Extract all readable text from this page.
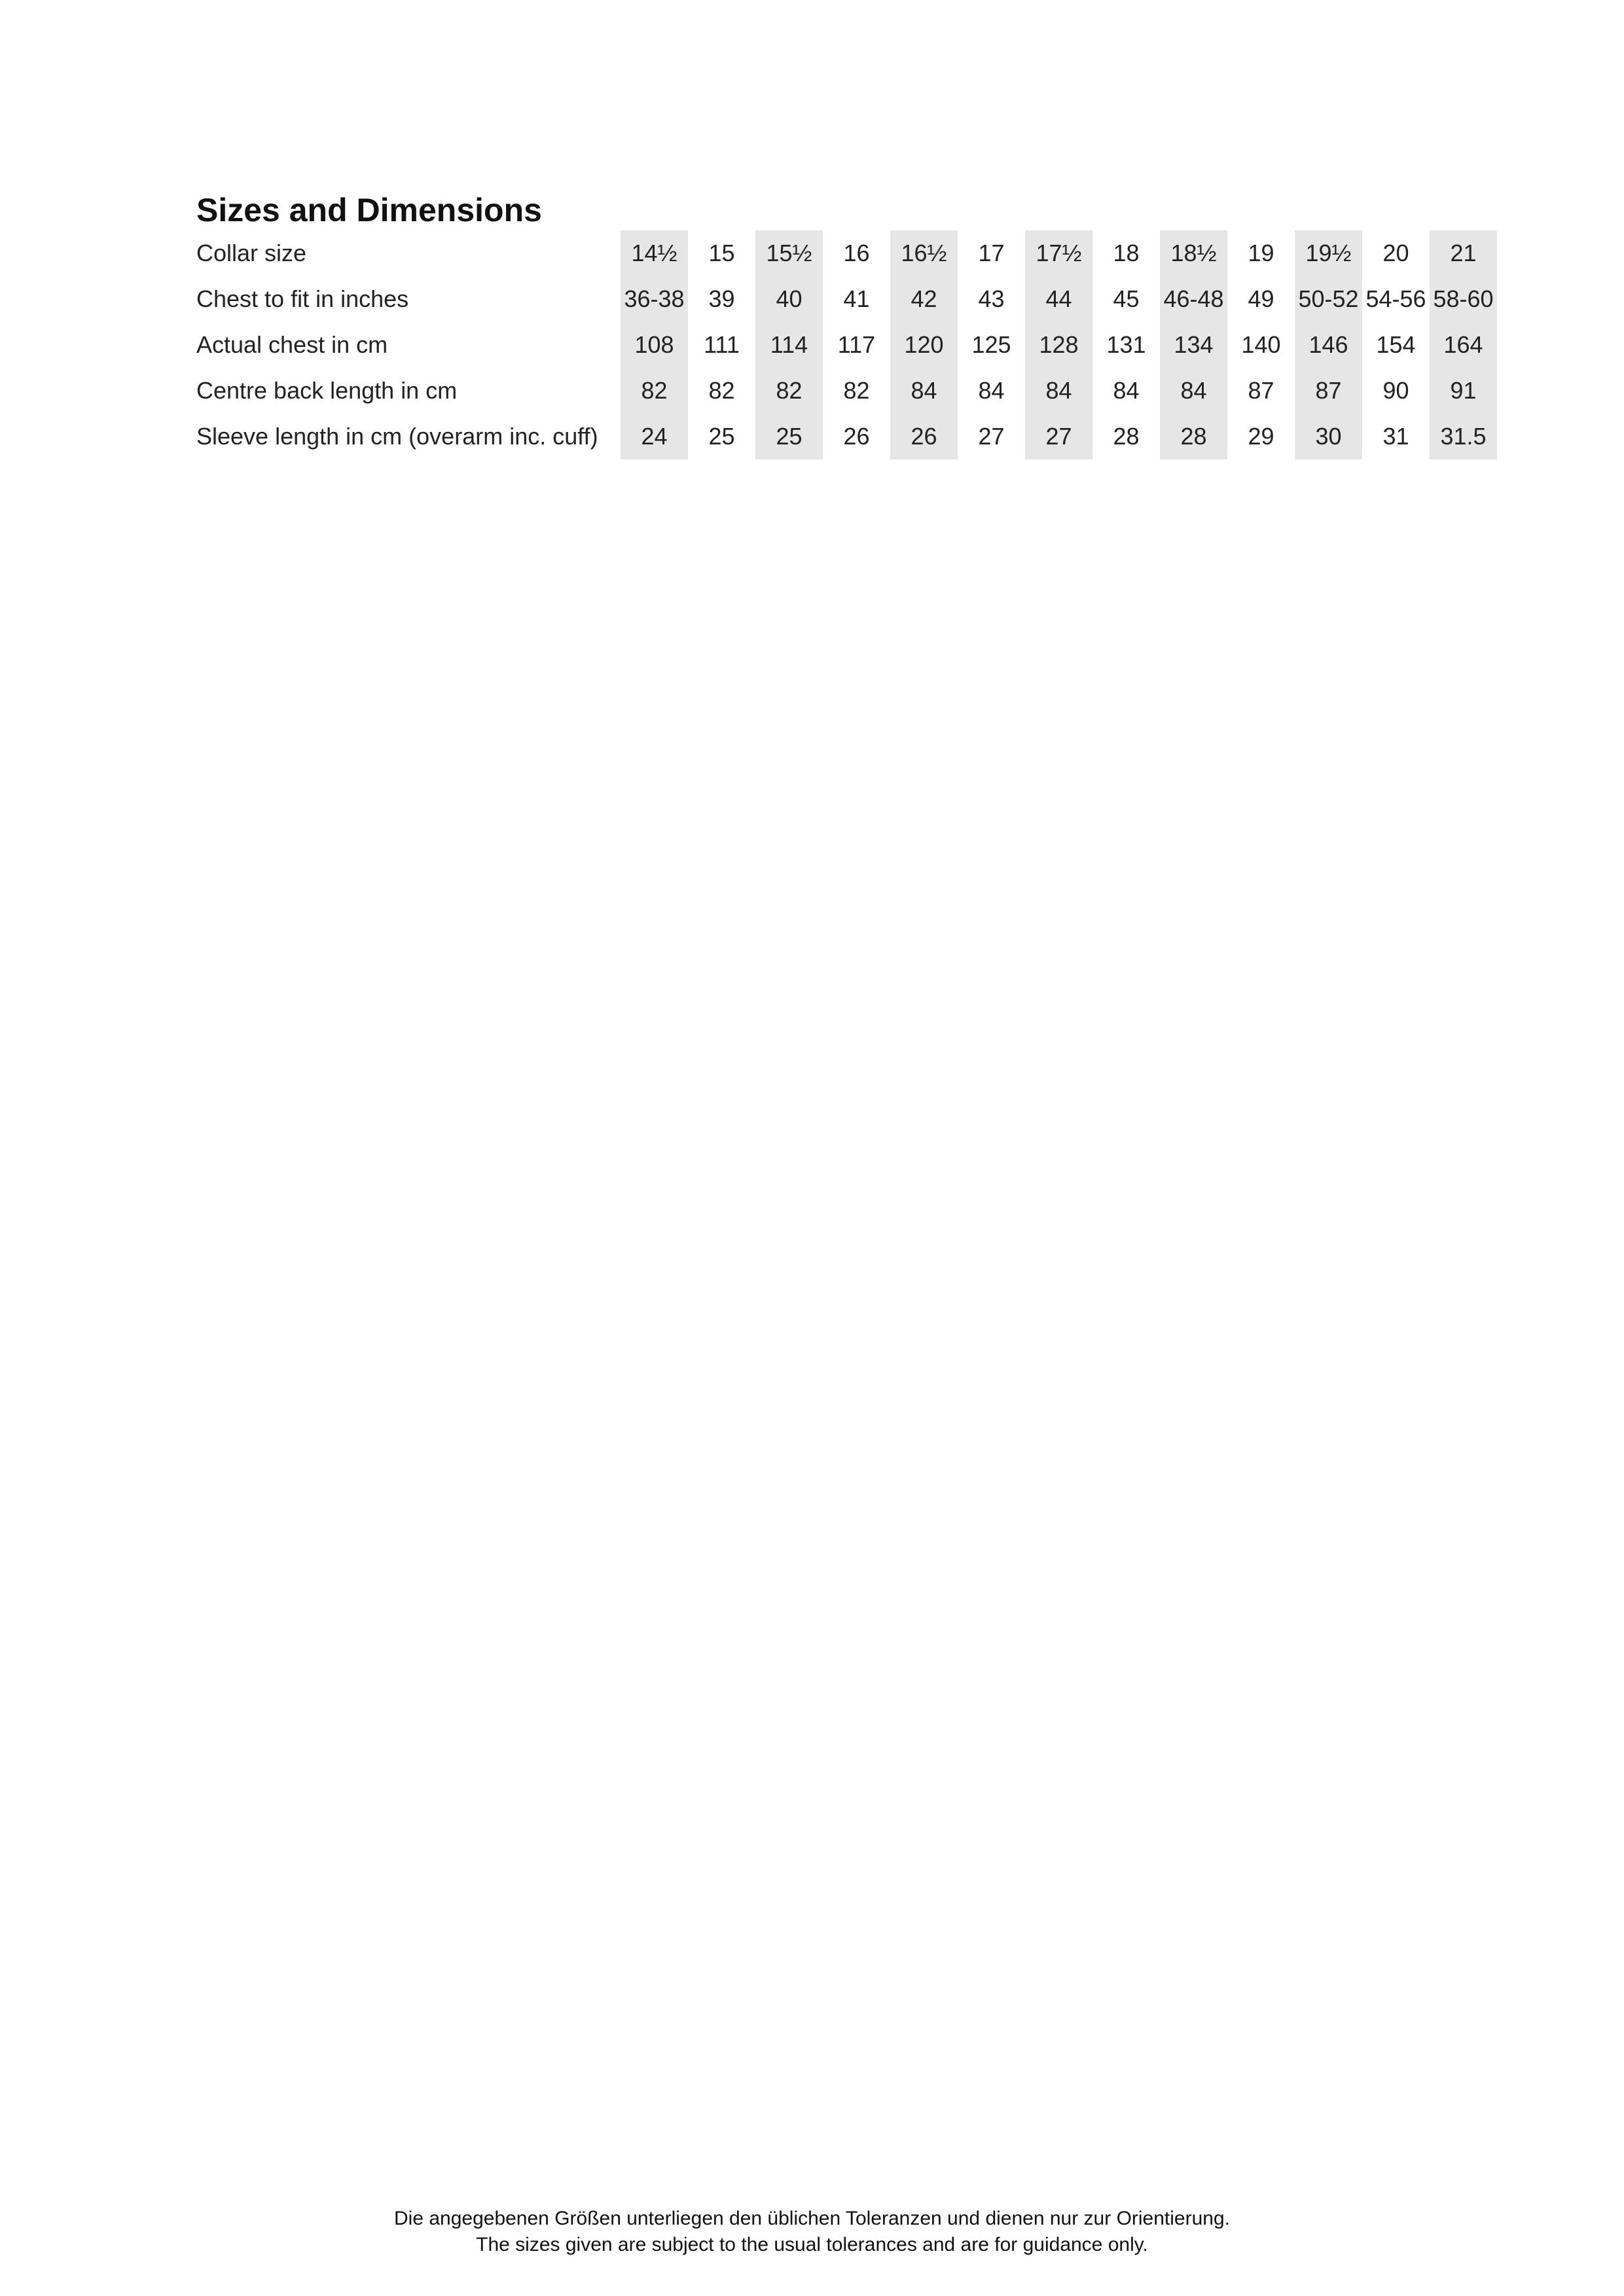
Sizes and Dimensions
Collar size	14½	15	15½	16	16½	17	17½	18	18½	19	19½	20	21
Chest to fit in inches	36-38	39	40	41	42	43	44	45	46-48	49	50-52	54-56	58-60
Actual chest in cm	108	111	114	117	120	125	128	131	134	140	146	154	164
Centre back length in cm	82	82	82	82	84	84	84	84	84	87	87	90	91
Sleeve length in cm (overarm inc. cuff)	24	25	25	26	26	27	27	28	28	29	30	31	31.5
Die angegebenen Größen unterliegen den üblichen Toleranzen und dienen nur zur Orientierung.
The sizes given are subject to the usual tolerances and are for guidance only.
